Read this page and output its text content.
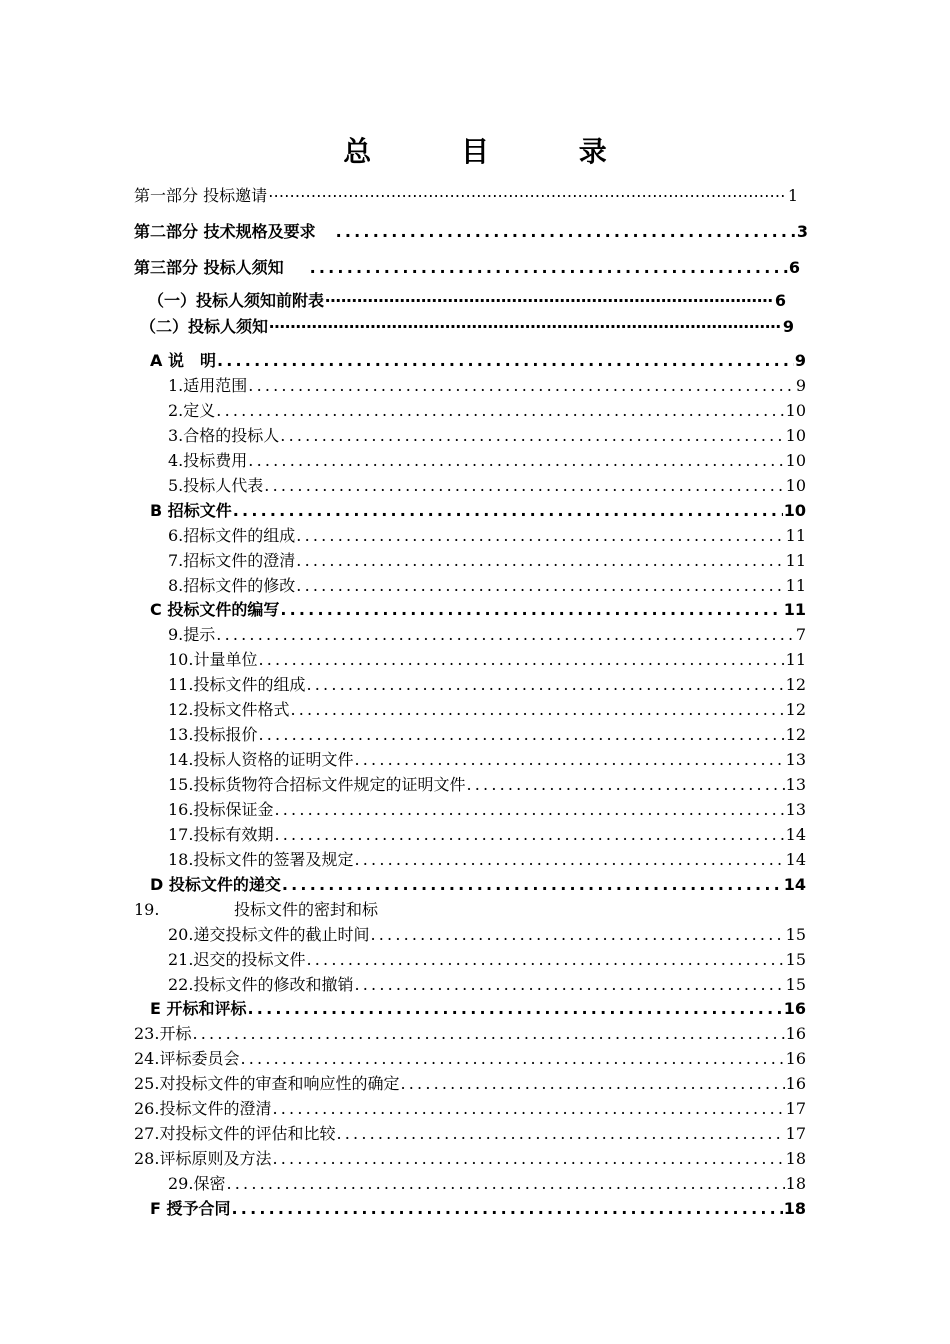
总 目 录
第一部分 投标邀请 ⋯⋯⋯⋯⋯⋯⋯⋯⋯⋯⋯⋯⋯⋯⋯⋯⋯⋯⋯⋯⋯⋯⋯⋯⋯⋯⋯⋯⋯⋯⋯⋯⋯⋯⋯⋯⋯⋯⋯⋯⋯⋯⋯⋯⋯⋯⋯⋯⋯⋯⋯⋯⋯⋯⋯⋯⋯⋯⋯⋯⋯⋯⋯⋯⋯⋯⋯⋯⋯⋯⋯⋯⋯⋯⋯⋯⋯⋯⋯⋯⋯⋯⋯⋯	1
第二部分 技术规格及要求 .....	3
第三部分 投标人须知 .....	6
（一）投标人须知前附表 ⋯⋯⋯⋯⋯⋯⋯⋯⋯⋯⋯⋯⋯⋯⋯⋯⋯⋯⋯⋯⋯⋯⋯⋯⋯⋯⋯⋯⋯⋯⋯⋯⋯⋯⋯⋯⋯⋯⋯⋯⋯⋯⋯⋯⋯⋯⋯⋯⋯⋯⋯⋯⋯⋯⋯⋯⋯⋯⋯⋯⋯⋯⋯⋯⋯⋯⋯⋯⋯⋯⋯⋯⋯⋯⋯⋯⋯⋯⋯⋯⋯⋯⋯⋯	6
（二）投标人须知 ⋯⋯⋯⋯⋯⋯⋯⋯⋯⋯⋯⋯⋯⋯⋯⋯⋯⋯⋯⋯⋯⋯⋯⋯⋯⋯⋯⋯⋯⋯⋯⋯⋯⋯⋯⋯⋯⋯⋯⋯⋯⋯⋯⋯⋯⋯⋯⋯⋯⋯⋯⋯⋯⋯⋯⋯⋯⋯⋯⋯⋯⋯⋯⋯⋯⋯⋯⋯⋯⋯⋯⋯⋯⋯⋯⋯⋯⋯⋯⋯⋯⋯⋯⋯	9
A 说　明 .....	9
1. 适用范围 .....	9
2. 定义 .....	10
3. 合格的投标人 .....	10
4. 投标费用 .....	10
5. 投标人代表 .....	10
B 招标文件 .....	10
6. 招标文件的组成 .....	11
7. 招标文件的澄清 .....	11
8. 招标文件的修改 .....	11
C 投标文件的编写 .....	11
9. 提示 .....	7
10. 计量单位 .....	11
11. 投标文件的组成 .....	12
12. 投标文件格式 .....	12
13. 投标报价 .....	12
14. 投标人资格的证明文件 .....	13
15. 投标货物符合招标文件规定的证明文件 .....	13
16. 投标保证金 .....	13
17. 投标有效期 .....	14
18. 投标文件的签署及规定 .....	14
D 投标文件的递交 .....	14
19.	投标文件的密封和标
20. 递交投标文件的截止时间 .....	15
21. 迟交的投标文件 .....	15
22. 投标文件的修改和撤销 .....	15
E 开标和评标 .....	16
23. 开标 .....	16
24. 评标委员会 .....	16
25. 对投标文件的审查和响应性的确定 .....	16
26. 投标文件的澄清 .....	17
27. 对投标文件的评估和比较 .....	17
28. 评标原则及方法 .....	18
29. 保密 .....	18
F 授予合同 .....	18
